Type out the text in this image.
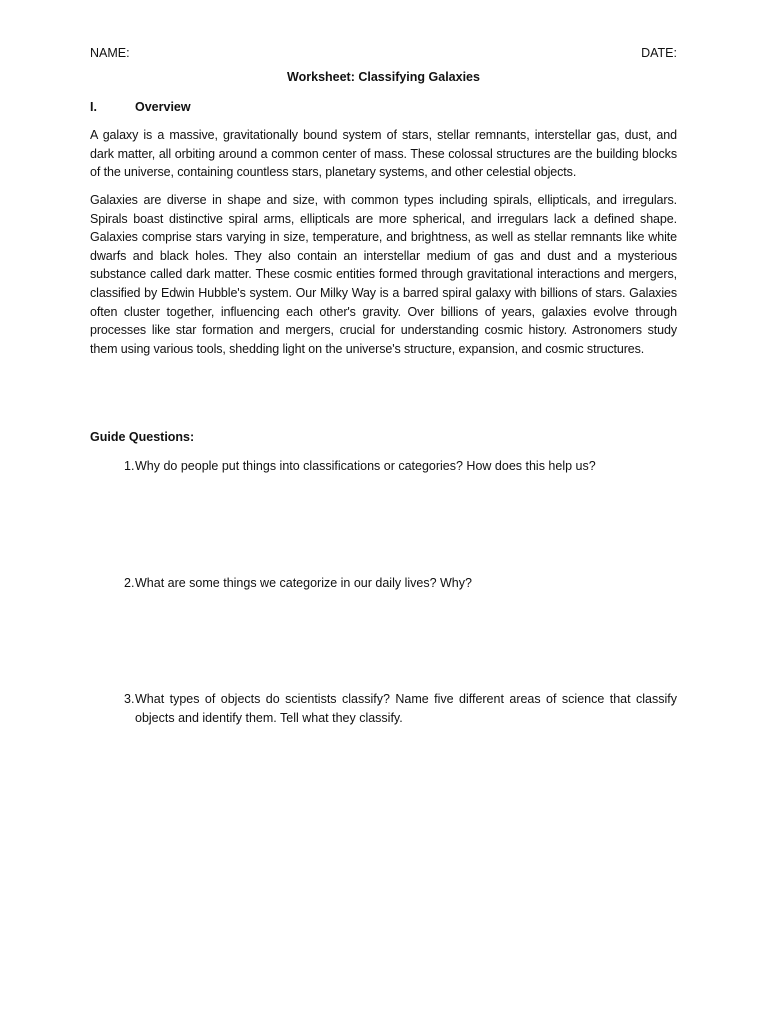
NAME:	DATE:
Worksheet: Classifying Galaxies
I.	Overview

A galaxy is a massive, gravitationally bound system of stars, stellar remnants, interstellar gas, dust, and dark matter, all orbiting around a common center of mass. These colossal structures are the building blocks of the universe, containing countless stars, planetary systems, and other celestial objects.

Galaxies are diverse in shape and size, with common types including spirals, ellipticals, and irregulars. Spirals boast distinctive spiral arms, ellipticals are more spherical, and irregulars lack a defined shape. Galaxies comprise stars varying in size, temperature, and brightness, as well as stellar remnants like white dwarfs and black holes. They also contain an interstellar medium of gas and dust and a mysterious substance called dark matter. These cosmic entities formed through gravitational interactions and mergers, classified by Edwin Hubble's system. Our Milky Way is a barred spiral galaxy with billions of stars. Galaxies often cluster together, influencing each other's gravity. Over billions of years, galaxies evolve through processes like star formation and mergers, crucial for understanding cosmic history. Astronomers study them using various tools, shedding light on the universe's structure, expansion, and cosmic structures.

Guide Questions:
1. Why do people put things into classifications or categories? How does this help us?
2. What are some things we categorize in our daily lives? Why?
3. What types of objects do scientists classify? Name five different areas of science that classify objects and identify them. Tell what they classify.
